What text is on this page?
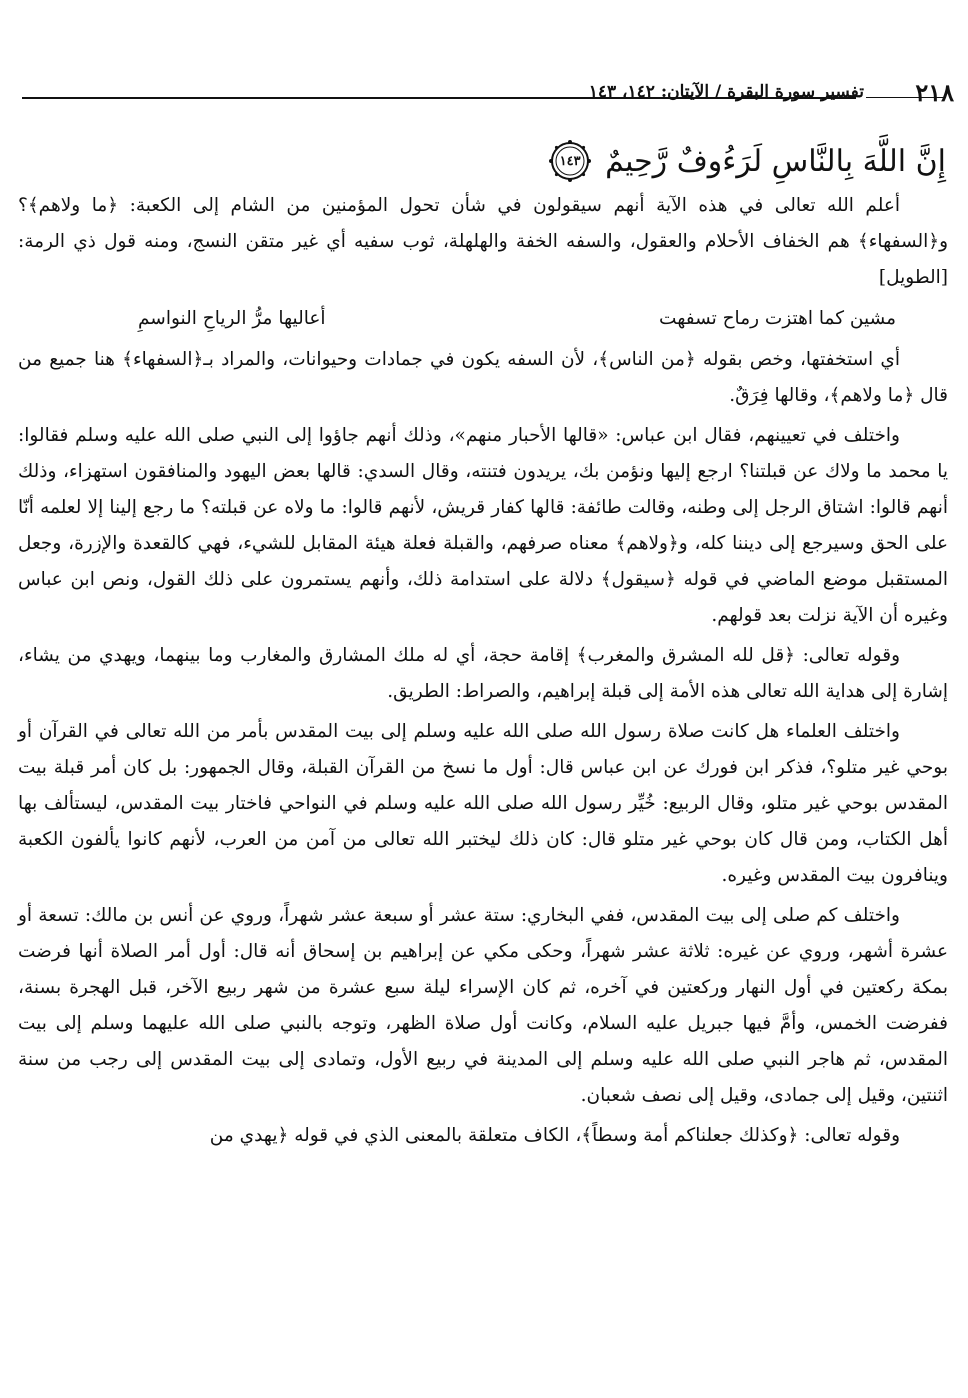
٢١٨
تفسير سورة البقرة / الآيتان: ١٤٢، ١٤٣
إِنَّ اللَّهَ بِالنَّاسِ لَرَءُوفٌ رَّحِيمٌ
١٤٣

أعلم الله تعالى في هذه الآية أنهم سيقولون في شأن تحول المؤمنين من الشام إلى الكعبة: ﴿ما ولاهم﴾؟ و﴿السفهاء﴾ هم الخفاف الأحلام والعقول، والسفه الخفة والهلهلة، ثوب سفيه أي غير متقن النسج، ومنه قول ذي الرمة: [الطويل]

مشين كما اهتزت رماح تسفهت
أعاليها مرُّ الرياحِ النواسمِ

أي استخفتها، وخص بقوله ﴿من الناس﴾، لأن السفه يكون في جمادات وحيوانات، والمراد بـ﴿السفهاء﴾ هنا جميع من قال ﴿ما ولاهم﴾، وقالها فِرَقٌ.

واختلف في تعيينهم، فقال ابن عباس: «قالها الأحبار منهم»، وذلك أنهم جاؤوا إلى النبي صلى الله عليه وسلم فقالوا: يا محمد ما ولاك عن قبلتنا؟ ارجع إليها ونؤمن بك، يريدون فتنته، وقال السدي: قالها بعض اليهود والمنافقون استهزاء، وذلك أنهم قالوا: اشتاق الرجل إلى وطنه، وقالت طائفة: قالها كفار قريش، لأنهم قالوا: ما ولاه عن قبلته؟ ما رجع إلينا إلا لعلمه أنّا على الحق وسيرجع إلى ديننا كله، و﴿ولاهم﴾ معناه صرفهم، والقبلة فعلة هيئة المقابل للشيء، فهي كالقعدة والإزرة، وجعل المستقبل موضع الماضي في قوله ﴿سيقول﴾ دلالة على استدامة ذلك، وأنهم يستمرون على ذلك القول، ونص ابن عباس وغيره أن الآية نزلت بعد قولهم.

وقوله تعالى: ﴿قل لله المشرق والمغرب﴾ إقامة حجة، أي له ملك المشارق والمغارب وما بينهما، ويهدي من يشاء، إشارة إلى هداية الله تعالى هذه الأمة إلى قبلة إبراهيم، والصراط: الطريق.

واختلف العلماء هل كانت صلاة رسول الله صلى الله عليه وسلم إلى بيت المقدس بأمر من الله تعالى في القرآن أو بوحي غير متلو؟، فذكر ابن فورك عن ابن عباس قال: أول ما نسخ من القرآن القبلة، وقال الجمهور: بل كان أمر قبلة بيت المقدس بوحي غير متلو، وقال الربيع: خُيِّر رسول الله صلى الله عليه وسلم في النواحي فاختار بيت المقدس، ليستألف بها أهل الكتاب، ومن قال كان بوحي غير متلو قال: كان ذلك ليختبر الله تعالى من آمن من العرب، لأنهم كانوا يألفون الكعبة وينافرون بيت المقدس وغيره.

واختلف كم صلى إلى بيت المقدس، ففي البخاري: ستة عشر أو سبعة عشر شهراً، وروي عن أنس بن مالك: تسعة أو عشرة أشهر، وروي عن غيره: ثلاثة عشر شهراً، وحكى مكي عن إبراهيم بن إسحاق أنه قال: أول أمر الصلاة أنها فرضت بمكة ركعتين في أول النهار وركعتين في آخره، ثم كان الإسراء ليلة سبع عشرة من شهر ربيع الآخر، قبل الهجرة بسنة، ففرضت الخمس، وأمَّ فيها جبريل عليه السلام، وكانت أول صلاة الظهر، وتوجه بالنبي صلى الله عليهما وسلم إلى بيت المقدس، ثم هاجر النبي صلى الله عليه وسلم إلى المدينة في ربيع الأول، وتمادى إلى بيت المقدس إلى رجب من سنة اثنتين، وقيل إلى جمادى، وقيل إلى نصف شعبان.

وقوله تعالى: ﴿وكذلك جعلناكم أمة وسطاً﴾، الكاف متعلقة بالمعنى الذي في قوله ﴿يهدي من
